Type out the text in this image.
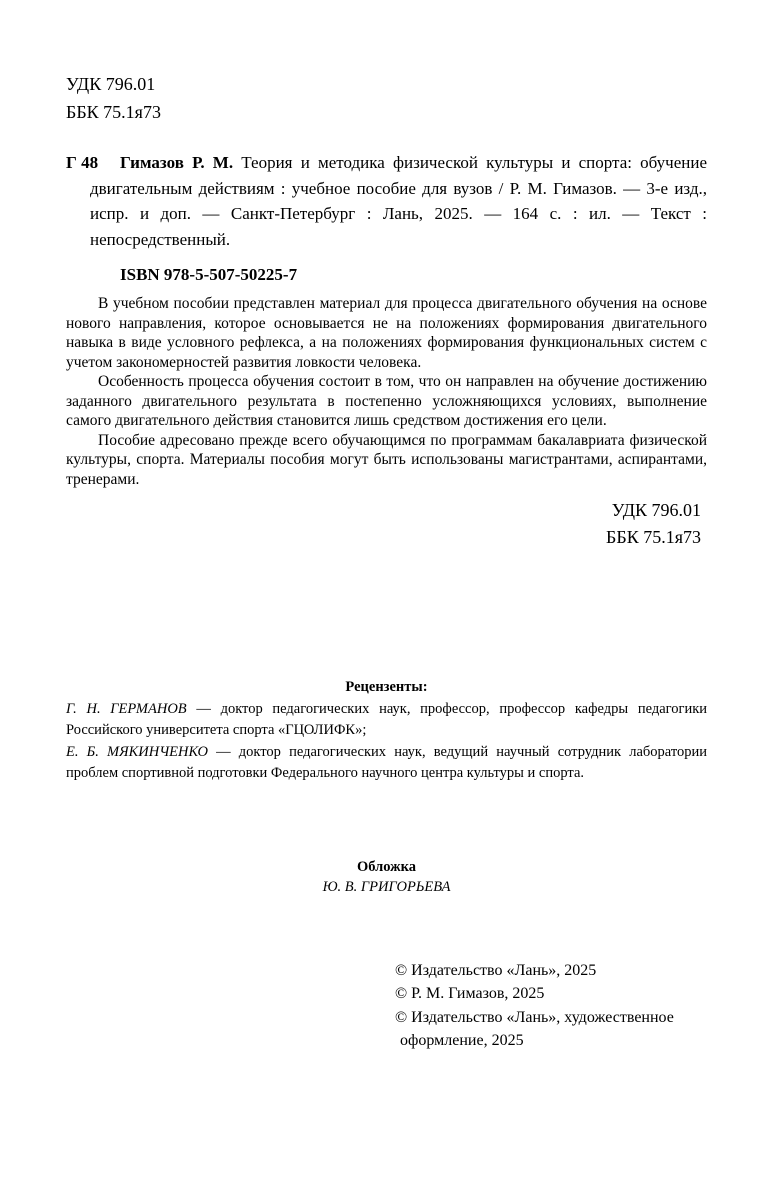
УДК 796.01
ББК 75.1я73
Г 48	Гимазов Р. М. Теория и методика физической культуры и спорта: обучение двигательным действиям : учебное пособие для вузов / Р. М. Гимазов. — 3-е изд., испр. и доп. — Санкт-Петербург : Лань, 2025. — 164 с. : ил. — Текст : непосредственный.

ISBN 978-5-507-50225-7

В учебном пособии представлен материал для процесса двигательного обучения на основе нового направления, которое основывается не на положениях формирования двигательного навыка в виде условного рефлекса, а на положениях формирования функциональных систем с учетом закономерностей развития ловкости человека.

Особенность процесса обучения состоит в том, что он направлен на обучение достижению заданного двигательного результата в постепенно усложняющихся условиях, выполнение самого двигательного действия становится лишь средством достижения его цели.

Пособие адресовано прежде всего обучающимся по программам бакалавриата физической культуры, спорта. Материалы пособия могут быть использованы магистрантами, аспирантами, тренерами.

УДК 796.01
ББК 75.1я73
Рецензенты:

Г. Н. ГЕРМАНОВ — доктор педагогических наук, профессор, профессор кафедры педагогики Российского университета спорта «ГЦОЛИФК»;

Е. Б. МЯКИНЧЕНКО — доктор педагогических наук, ведущий научный сотрудник лаборатории проблем спортивной подготовки Федерального научного центра культуры и спорта.

Обложка
Ю. В. ГРИГОРЬЕВА
© Издательство «Лань», 2025
© Р. М. Гимазов, 2025
© Издательство «Лань», художественное
оформление, 2025
